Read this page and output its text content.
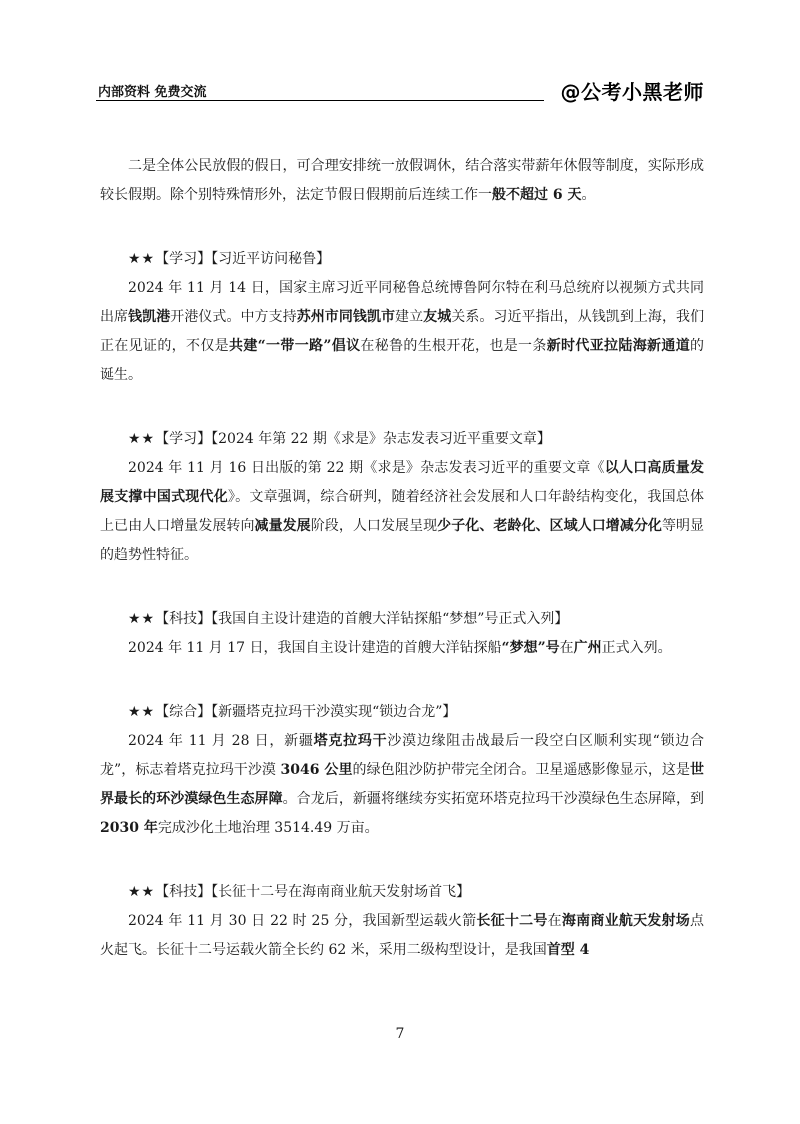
内部资料 免费交流	@公考小黑老师

二是全体公民放假的假日，可合理安排统一放假调休，结合落实带薪年休假等制度，实际形成较长假期。除个别特殊情形外，法定节假日假期前后连续工作一般不超过 6 天。

★★【学习】【习近平访问秘鲁】

2024 年 11 月 14 日，国家主席习近平同秘鲁总统博鲁阿尔特在利马总统府以视频方式共同出席钱凯港开港仪式。中方支持苏州市同钱凯市建立友城关系。习近平指出，从钱凯到上海，我们正在见证的，不仅是共建“一带一路”倡议在秘鲁的生根开花，也是一条新时代亚拉陆海新通道的诞生。

★★【学习】【2024 年第 22 期《求是》杂志发表习近平重要文章】

2024 年 11 月 16 日出版的第 22 期《求是》杂志发表习近平的重要文章《以人口高质量发展支撑中国式现代化》。文章强调，综合研判，随着经济社会发展和人口年龄结构变化，我国总体上已由人口增量发展转向减量发展阶段，人口发展呈现少子化、老龄化、区域人口增减分化等明显的趋势性特征。

★★【科技】【我国自主设计建造的首艘大洋钻探船“梦想”号正式入列】

2024 年 11 月 17 日，我国自主设计建造的首艘大洋钻探船“梦想”号在广州正式入列。

★★【综合】【新疆塔克拉玛干沙漠实现“锁边合龙”】

2024 年 11 月 28 日，新疆塔克拉玛干沙漠边缘阻击战最后一段空白区顺利实现“锁边合龙”，标志着塔克拉玛干沙漠 3046 公里的绿色阻沙防护带完全闭合。卫星遥感影像显示，这是世界最长的环沙漠绿色生态屏障。合龙后，新疆将继续夯实拓宽环塔克拉玛干沙漠绿色生态屏障，到 2030 年完成沙化土地治理 3514.49 万亩。

★★【科技】【长征十二号在海南商业航天发射场首飞】

2024 年 11 月 30 日 22 时 25 分，我国新型运载火箭长征十二号在海南商业航天发射场点火起飞。长征十二号运载火箭全长约 62 米，采用二级构型设计，是我国首型 4

7
